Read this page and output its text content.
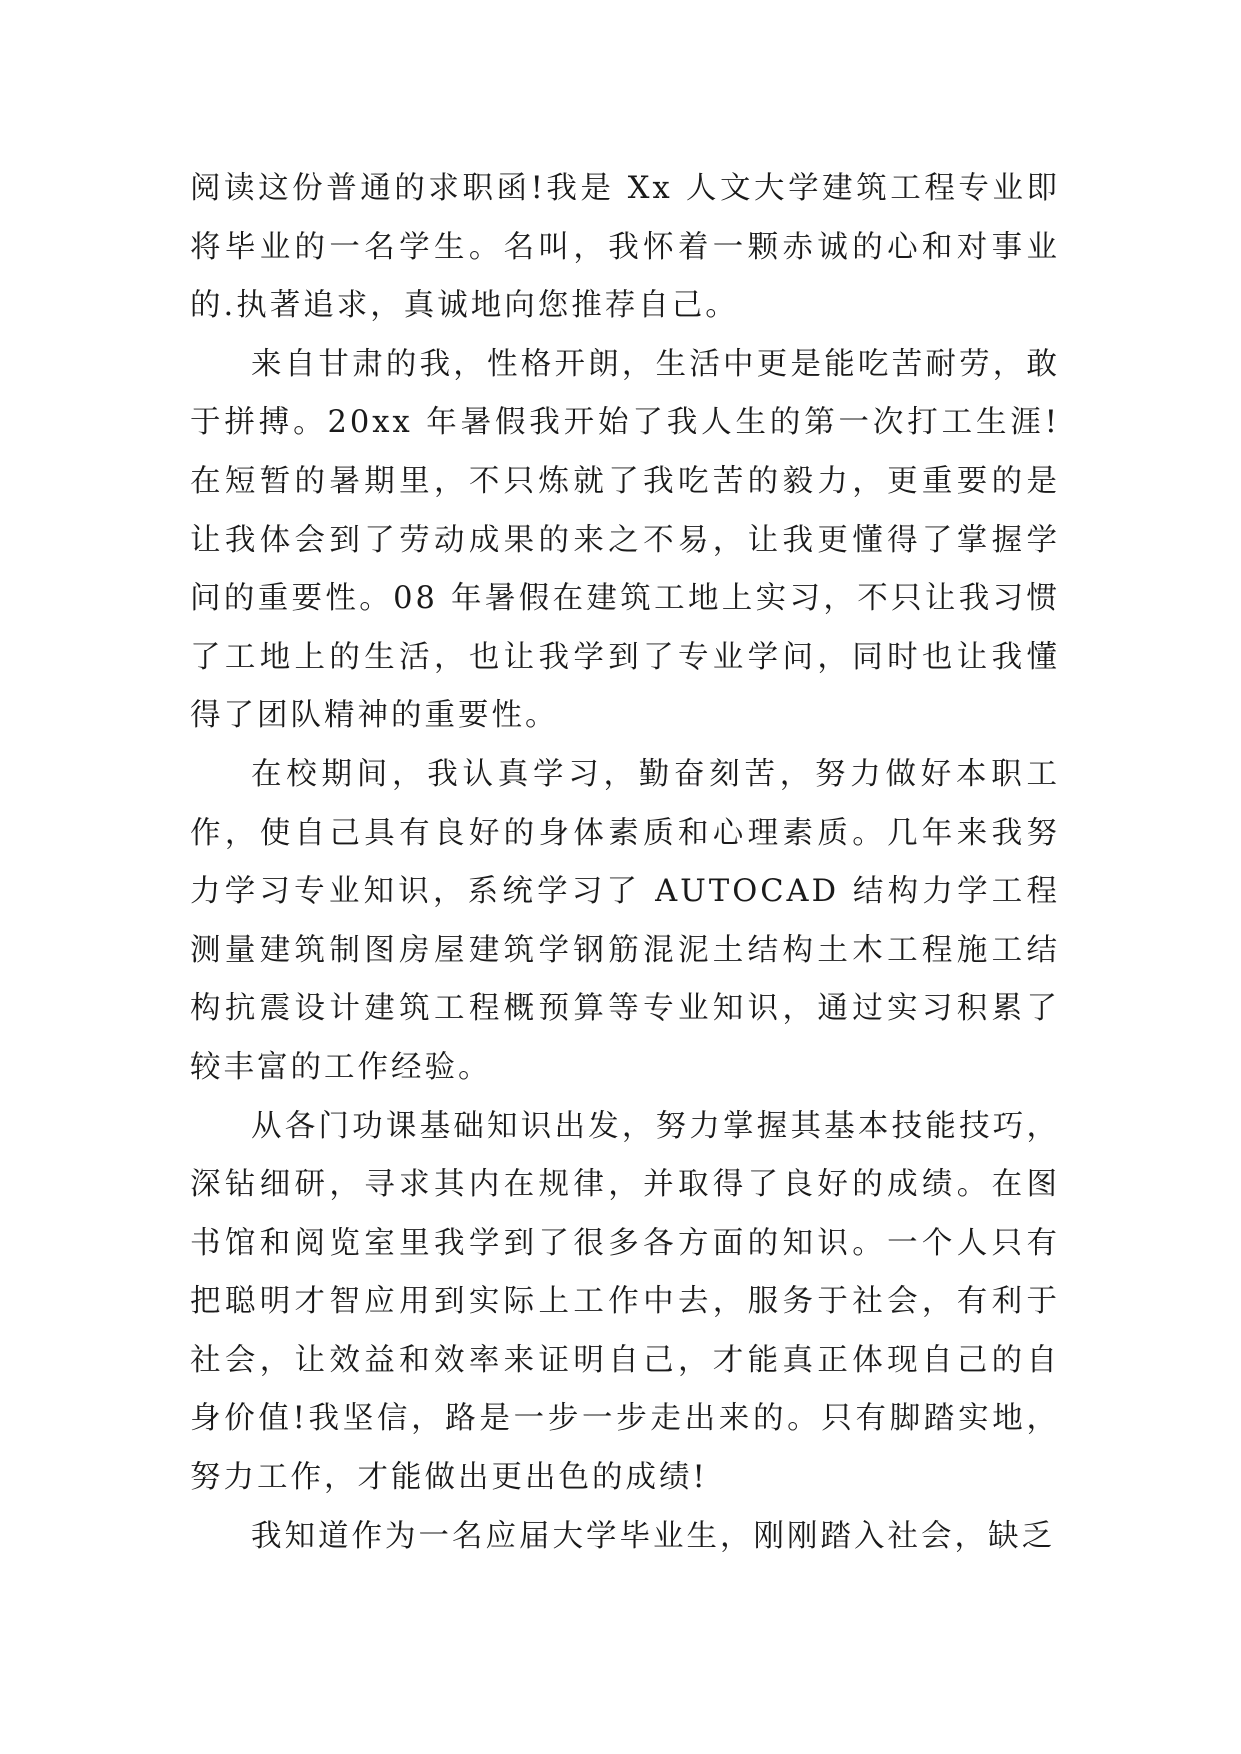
阅读这份普通的求职函!我是 Xx 人文大学建筑工程专业即将毕业的一名学生。名叫，我怀着一颗赤诚的心和对事业的.执著追求，真诚地向您推荐自己。

来自甘肃的我，性格开朗，生活中更是能吃苦耐劳，敢于拼搏。20xx 年暑假我开始了我人生的第一次打工生涯!在短暂的暑期里，不只炼就了我吃苦的毅力，更重要的是让我体会到了劳动成果的来之不易，让我更懂得了掌握学问的重要性。08 年暑假在建筑工地上实习，不只让我习惯了工地上的生活，也让我学到了专业学问，同时也让我懂得了团队精神的重要性。

在校期间，我认真学习，勤奋刻苦，努力做好本职工作，使自己具有良好的身体素质和心理素质。几年来我努力学习专业知识，系统学习了 AUTOCAD 结构力学工程测量建筑制图房屋建筑学钢筋混泥土结构土木工程施工结构抗震设计建筑工程概预算等专业知识，通过实习积累了较丰富的工作经验。

从各门功课基础知识出发，努力掌握其基本技能技巧，深钻细研，寻求其内在规律，并取得了良好的成绩。在图书馆和阅览室里我学到了很多各方面的知识。一个人只有把聪明才智应用到实际上工作中去，服务于社会，有利于社会，让效益和效率来证明自己，才能真正体现自己的自身价值!我坚信，路是一步一步走出来的。只有脚踏实地，努力工作，才能做出更出色的成绩!

我知道作为一名应届大学毕业生，刚刚踏入社会，缺乏
